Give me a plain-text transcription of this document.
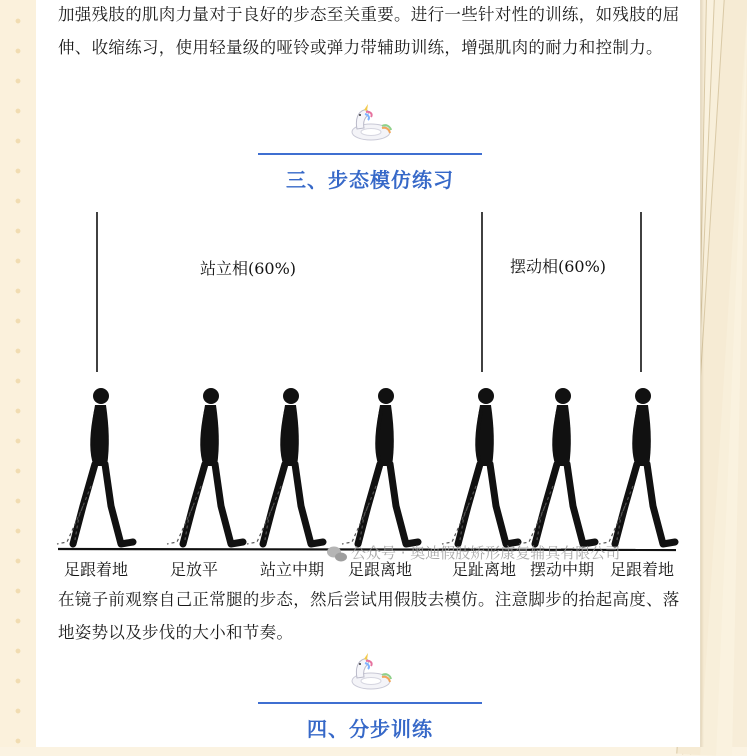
加强残肢的肌肉力量对于良好的步态至关重要。进行一些针对性的训练，如残肢的屈伸、收缩练习，使用轻量级的哑铃或弹力带辅助训练，增强肌肉的耐力和控制力。

三、步态模仿练习
站立相(60%)	摆动相(60%)
公众号 · 奥迪假肢矫形康复辅具有限公司
足跟着地	足放平	站立中期 足跟离地 足趾离地 摆动中期 足跟着地

在镜子前观察自己正常腿的步态，然后尝试用假肢去模仿。注意脚步的抬起高度、落地姿势以及步伐的大小和节奏。

四、分步训练
